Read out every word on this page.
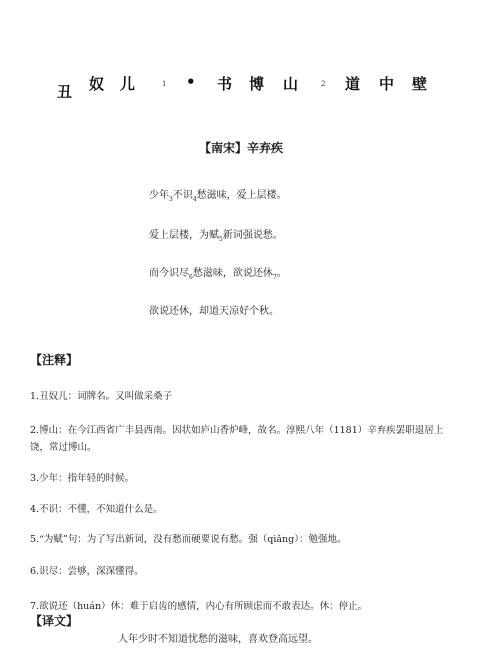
丑 奴 儿	1 • 书 博 山	2 道 中 壁
【南宋】辛弃疾
少年$_3$不识$_4$愁滋味，爱上层楼。
爱上层楼，为赋$_5$新词强说愁。
而今识尽$_6$愁滋味，欲说还休$_7$。
欲说还休，却道天凉好个秋。
【注释】
1.丑奴儿：词牌名。又叫做采桑子
2.博山：在今江西省广丰县西南。因状如庐山香炉峰，故名。淳熙八年（1181）辛弃疾罢职退居上饶，常过博山。
3.少年：指年轻的时候。
4.不识：不懂，不知道什么是。
5.“为赋”句：为了写出新词，没有愁而硬要说有愁。强（qiǎng）：勉强地。
6.识尽：尝够，深深懂得。
7.欲说还（huán）休：难于启齿的感情，内心有所顾虑而不敢表达。休：停止。
【译文】
人年少时不知道忧愁的滋味，喜欢登高远望。
